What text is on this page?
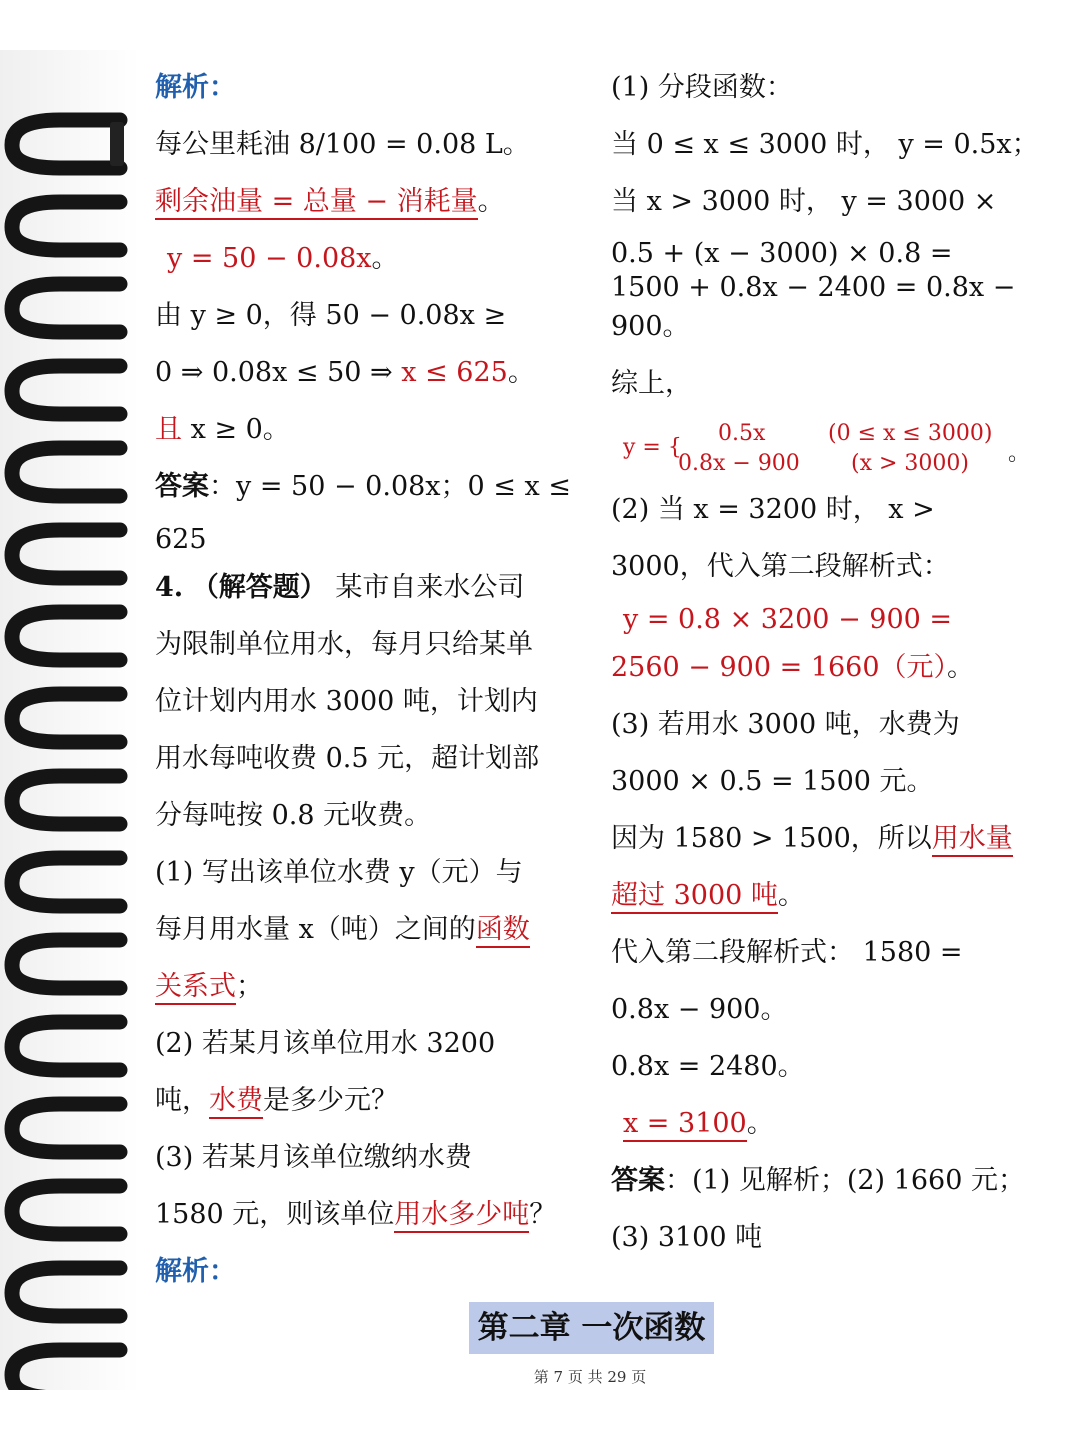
解析：
每公里耗油 8/100 = 0.08 L。
剩余油量 = 总量 − 消耗量。
y = 50 − 0.08x。
由 y ≥ 0，得 50 − 0.08x ≥
0 ⇒ 0.08x ≤ 50 ⇒ x ≤ 625。
且 x ≥ 0。
答案：y = 50 − 0.08x；0 ≤ x ≤
625
4. （解答题） 某市自来水公司
为限制单位用水，每月只给某单
位计划内用水 3000 吨，计划内
用水每吨收费 0.5 元，超计划部
分每吨按 0.8 元收费。
(1) 写出该单位水费 y（元）与
每月用水量 x（吨）之间的函数
关系式；
(2) 若某月该单位用水 3200
吨，水费是多少元？
(3) 若某月该单位缴纳水费
1580 元，则该单位用水多少吨？
解析：
(1) 分段函数：
当 0 ≤ x ≤ 3000 时， y = 0.5x；
当 x > 3000 时， y = 3000 ×
0.5 + (x − 3000) × 0.8 =
1500 + 0.8x − 2400 = 0.8x −
900。
综上，
y = {
0.5x	(0 ≤ x ≤ 3000)
0.8x − 900 (x > 3000) 。
(2) 当 x = 3200 时， x >
3000，代入第二段解析式：
y = 0.8 × 3200 − 900 =
2560 − 900 = 1660（元）。
(3) 若用水 3000 吨，水费为
3000 × 0.5 = 1500 元。
因为 1580 > 1500，所以用水量
超过 3000 吨。
代入第二段解析式： 1580 =
0.8x − 900。
0.8x = 2480。
x = 3100。
答案：(1) 见解析；(2) 1660 元；
(3) 3100 吨
第二章 一次函数
第 7 页 共 29 页
